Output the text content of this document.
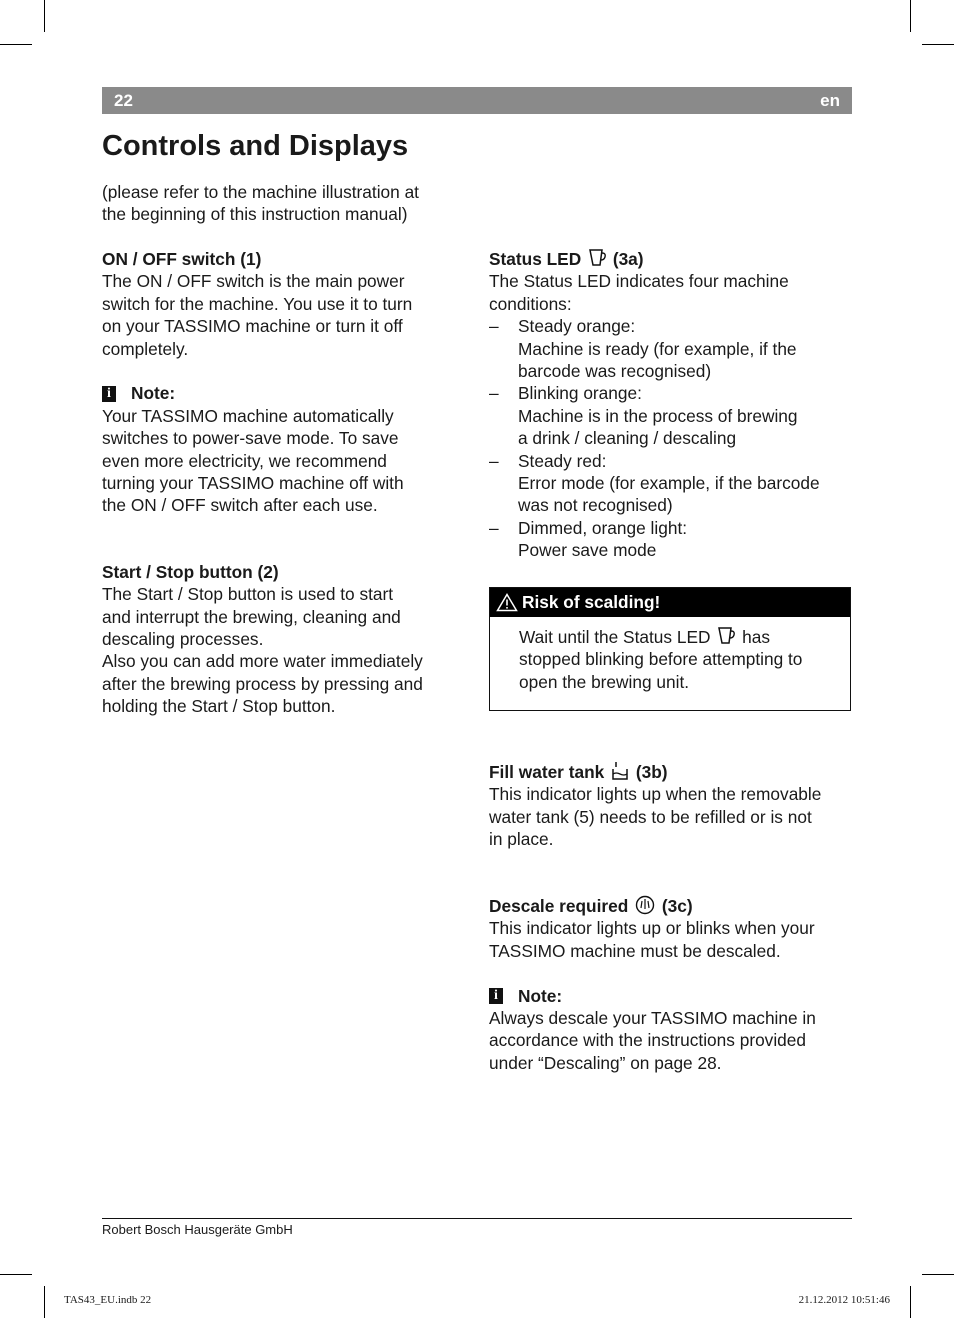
22	en
Controls and Displays
(please refer to the machine illustration at
the beginning of this instruction manual)
ON / OFF switch (1)
The ON / OFF switch is the main power
switch for the machine. You use it to turn
on your TASSIMO machine or turn it off
completely.
i Note:
Your TASSIMO machine automatically
switches to power-save mode. To save
even more electricity, we recommend
turning your TASSIMO machine off with
the ON / OFF switch after each use.
Start / Stop button (2)
The Start / Stop button is used to start
and interrupt the brewing, cleaning and
descaling processes.
Also you can add more water immediately
after the brewing process by pressing and
holding the Start / Stop button.
Status LED (3a)
The Status LED indicates four machine
conditions:
– Steady orange:
Machine is ready (for example, if the
barcode was recognised)
– Blinking orange:
Machine is in the process of brewing
a drink / cleaning / descaling
– Steady red:
Error mode (for example, if the barcode
was not recognised)
– Dimmed, orange light:
Power save mode
Risk of scalding!
Wait until the Status LED has
stopped blinking before attempting to
open the brewing unit.
Fill water tank (3b)
This indicator lights up when the removable
water tank (5) needs to be refilled or is not
in place.
Descale required (3c)
This indicator lights up or blinks when your
TASSIMO machine must be descaled.
i Note:
Always descale your TASSIMO machine in
accordance with the instructions provided
under “Descaling” on page 28.
Robert Bosch Hausgeräte GmbH
TAS43_EU.indb 22	21.12.2012 10:51:46
